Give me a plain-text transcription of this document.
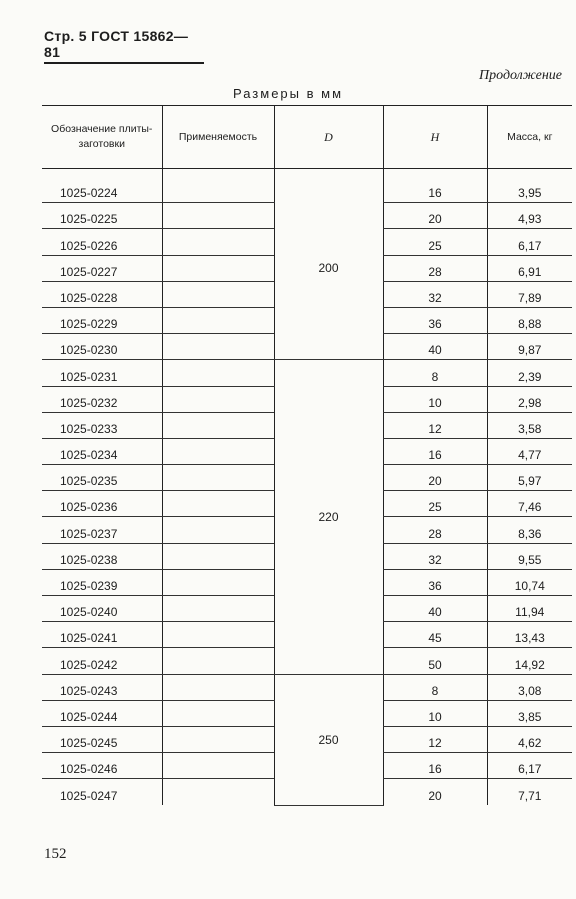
Стр. 5 ГОСТ 15862—81
Продолжение
Размеры в мм
Обозначение плиты-заготовки	Применяемость	D	H	Масса, кг

1025-0224		200	16	3,95
1025-0225			20	4,93
1025-0226			25	6,17
1025-0227			28	6,91
1025-0228			32	7,89
1025-0229			36	8,88
1025-0230			40	9,87
1025-0231		220	8	2,39
1025-0232			10	2,98
1025-0233			12	3,58
1025-0234			16	4,77
1025-0235			20	5,97
1025-0236			25	7,46
1025-0237			28	8,36
1025-0238			32	9,55
1025-0239			36	10,74
1025-0240			40	11,94
1025-0241			45	13,43
1025-0242			50	14,92
1025-0243		250	8	3,08
1025-0244			10	3,85
1025-0245			12	4,62
1025-0246			16	6,17
1025-0247			20	7,71
152
